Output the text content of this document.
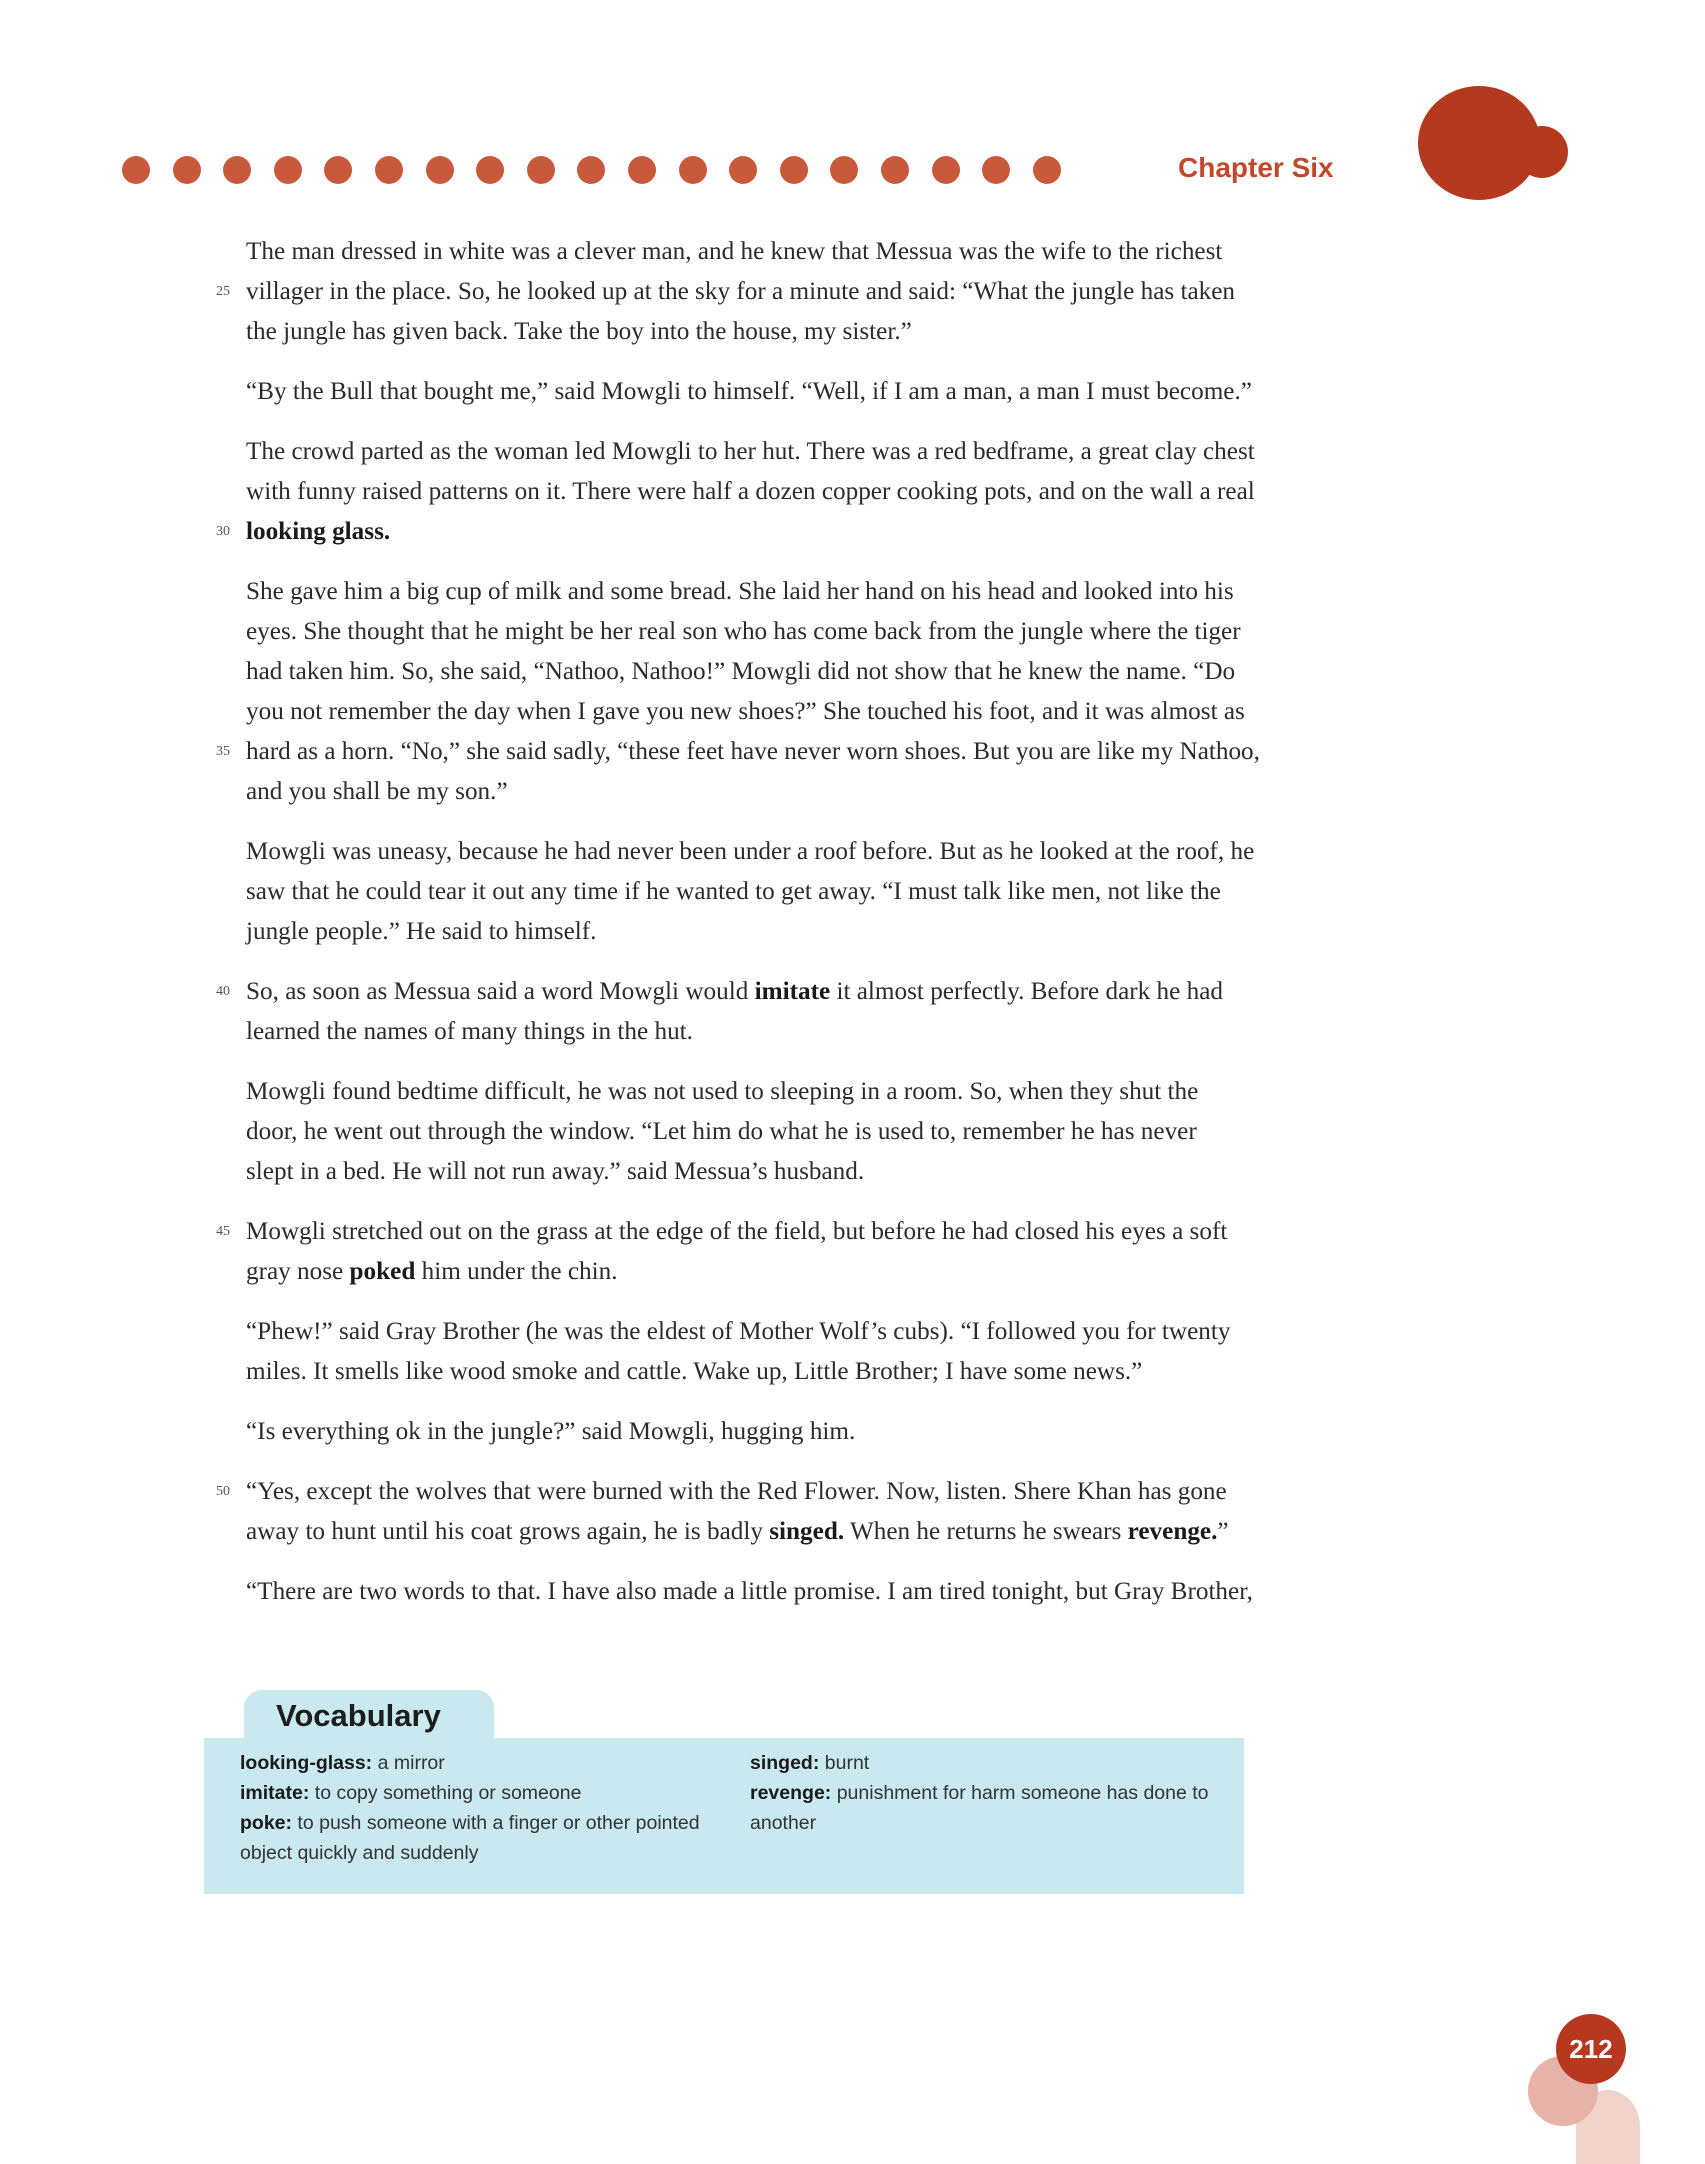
Chapter Six

The man dressed in white was a clever man, and he knew that Messua was the wife to the richest
25 villager in the place. So, he looked up at the sky for a minute and said: “What the jungle has taken
the jungle has given back. Take the boy into the house, my sister.”

“By the Bull that bought me,” said Mowgli to himself. “Well, if I am a man, a man I must become.”

The crowd parted as the woman led Mowgli to her hut. There was a red bedframe, a great clay chest
with funny raised patterns on it. There were half a dozen copper cooking pots, and on the wall a real
30 looking glass.

She gave him a big cup of milk and some bread. She laid her hand on his head and looked into his
eyes. She thought that he might be her real son who has come back from the jungle where the tiger
had taken him. So, she said, “Nathoo, Nathoo!” Mowgli did not show that he knew the name. “Do
you not remember the day when I gave you new shoes?” She touched his foot, and it was almost as
35 hard as a horn. “No,” she said sadly, “these feet have never worn shoes. But you are like my Nathoo,
and you shall be my son.”

Mowgli was uneasy, because he had never been under a roof before. But as he looked at the roof, he
saw that he could tear it out any time if he wanted to get away. “I must talk like men, not like the
jungle people.” He said to himself.

40 So, as soon as Messua said a word Mowgli would imitate it almost perfectly. Before dark he had
learned the names of many things in the hut.

Mowgli found bedtime difficult, he was not used to sleeping in a room. So, when they shut the
door, he went out through the window. “Let him do what he is used to, remember he has never
slept in a bed. He will not run away.” said Messua’s husband.

45 Mowgli stretched out on the grass at the edge of the field, but before he had closed his eyes a soft
gray nose poked him under the chin.

“Phew!” said Gray Brother (he was the eldest of Mother Wolf’s cubs). “I followed you for twenty
miles. It smells like wood smoke and cattle. Wake up, Little Brother; I have some news.”

“Is everything ok in the jungle?” said Mowgli, hugging him.

50 “Yes, except the wolves that were burned with the Red Flower. Now, listen. Shere Khan has gone
away to hunt until his coat grows again, he is badly singed. When he returns he swears revenge.”

“There are two words to that. I have also made a little promise. I am tired tonight, but Gray Brother,

looking-glass: a mirror
imitate: to copy something or someone
poke: to push someone with a finger or other pointed object quickly and suddenly
singed: burnt
revenge: punishment for harm someone has done to another
Vocabulary
212
